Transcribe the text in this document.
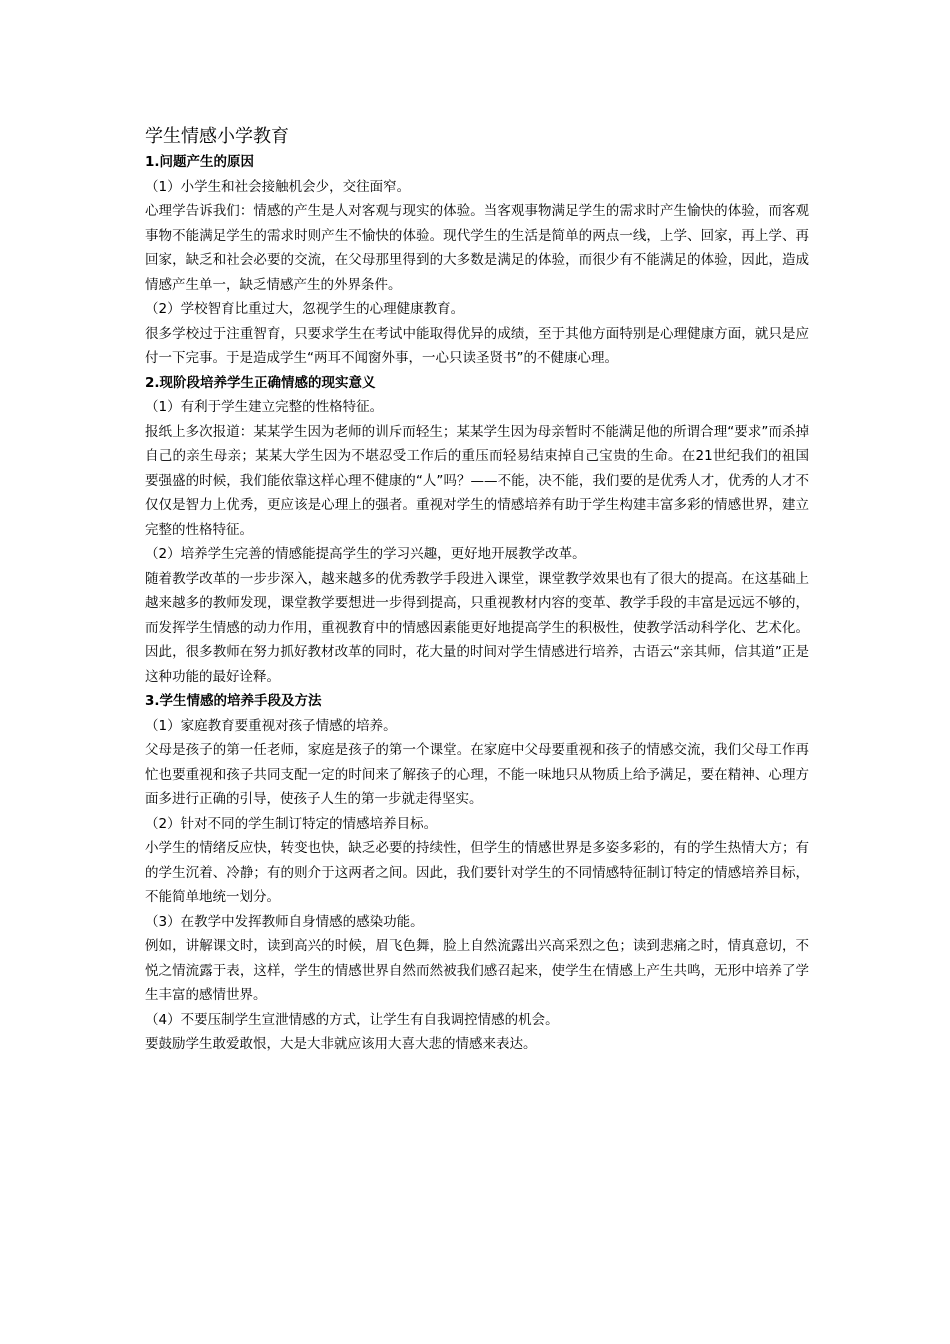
学生情感小学教育
1.问题产生的原因

（1）小学生和社会接触机会少，交往面窄。

心理学告诉我们：情感的产生是人对客观与现实的体验。当客观事物满足学生的需求时产生愉快的体验，而客观事物不能满足学生的需求时则产生不愉快的体验。现代学生的生活是简单的两点一线，上学、回家，再上学、再回家，缺乏和社会必要的交流，在父母那里得到的大多数是满足的体验，而很少有不能满足的体验，因此，造成情感产生单一，缺乏情感产生的外界条件。

（2）学校智育比重过大，忽视学生的心理健康教育。

很多学校过于注重智育，只要求学生在考试中能取得优异的成绩，至于其他方面特别是心理健康方面，就只是应付一下完事。于是造成学生“两耳不闻窗外事，一心只读圣贤书”的不健康心理。

2.现阶段培养学生正确情感的现实意义

（1）有利于学生建立完整的性格特征。

报纸上多次报道：某某学生因为老师的训斥而轻生；某某学生因为母亲暂时不能满足他的所谓合理“要求”而杀掉自己的亲生母亲；某某大学生因为不堪忍受工作后的重压而轻易结束掉自己宝贵的生命。在21世纪我们的祖国要强盛的时候，我们能依靠这样心理不健康的“人”吗？——不能，决不能，我们要的是优秀人才，优秀的人才不仅仅是智力上优秀，更应该是心理上的强者。重视对学生的情感培养有助于学生构建丰富多彩的情感世界，建立完整的性格特征。

（2）培养学生完善的情感能提高学生的学习兴趣，更好地开展教学改革。

随着教学改革的一步步深入，越来越多的优秀教学手段进入课堂，课堂教学效果也有了很大的提高。在这基础上越来越多的教师发现，课堂教学要想进一步得到提高，只重视教材内容的变革、教学手段的丰富是远远不够的，而发挥学生情感的动力作用，重视教育中的情感因素能更好地提高学生的积极性，使教学活动科学化、艺术化。因此，很多教师在努力抓好教材改革的同时，花大量的时间对学生情感进行培养，古语云“亲其师，信其道”正是这种功能的最好诠释。

3.学生情感的培养手段及方法

（1）家庭教育要重视对孩子情感的培养。

父母是孩子的第一任老师，家庭是孩子的第一个课堂。在家庭中父母要重视和孩子的情感交流，我们父母工作再忙也要重视和孩子共同支配一定的时间来了解孩子的心理，不能一味地只从物质上给予满足，要在精神、心理方面多进行正确的引导，使孩子人生的第一步就走得坚实。

（2）针对不同的学生制订特定的情感培养目标。

小学生的情绪反应快，转变也快，缺乏必要的持续性，但学生的情感世界是多姿多彩的，有的学生热情大方；有的学生沉着、冷静；有的则介于这两者之间。因此，我们要针对学生的不同情感特征制订特定的情感培养目标，不能简单地统一划分。

（3）在教学中发挥教师自身情感的感染功能。

例如，讲解课文时，读到高兴的时候，眉飞色舞，脸上自然流露出兴高采烈之色；读到悲痛之时，情真意切，不悦之情流露于表，这样，学生的情感世界自然而然被我们感召起来，使学生在情感上产生共鸣，无形中培养了学生丰富的感情世界。

（4）不要压制学生宣泄情感的方式，让学生有自我调控情感的机会。

要鼓励学生敢爱敢恨，大是大非就应该用大喜大悲的情感来表达。
